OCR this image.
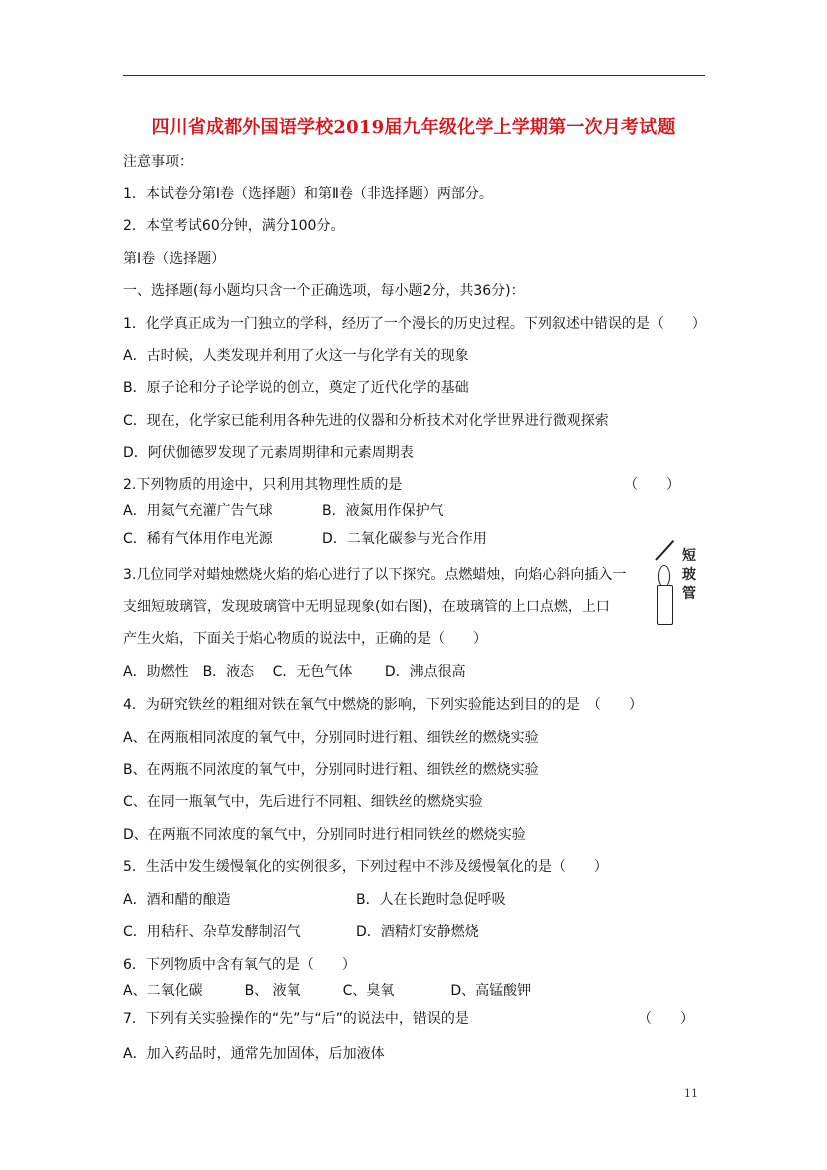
四川省成都外国语学校2019届九年级化学上学期第一次月考试题
注意事项：
1．本试卷分第Ⅰ卷（选择题）和第Ⅱ卷（非选择题）两部分。
2．本堂考试60分钟，满分100分。
第Ⅰ卷（选择题）
一、选择题(每小题均只含一个正确选项，每小题2分，共36分)：
1．化学真正成为一门独立的学科，经历了一个漫长的历史过程。下列叙述中错误的是（　　）
A．古时候，人类发现并利用了火这一与化学有关的现象
B．原子论和分子论学说的创立，奠定了近代化学的基础
C．现在，化学家已能利用各种先进的仪器和分析技术对化学世界进行微观探索
D．阿伏伽德罗发现了元素周期律和元素周期表
2.下列物质的用途中，只利用其物理性质的是	（　　）
A．用氦气充灌广告气球	B．液氮用作保护气
C．稀有气体用作电光源	D．二氧化碳参与光合作用
3.几位同学对蜡烛燃烧火焰的焰心进行了以下探究。点燃蜡烛，向焰心斜向插入一
支细短玻璃管，发现玻璃管中无明显现象(如右图)，在玻璃管的上口点燃，上口
产生火焰，下面关于焰心物质的说法中，正确的是（　　）
A．助燃性　B．液态　 C．无色气体　　 D．沸点很高
短玻管
4．为研究铁丝的粗细对铁在氧气中燃烧的影响，下列实验能达到目的的是　（　　）
A、在两瓶相同浓度的氧气中，分别同时进行粗、细铁丝的燃烧实验
B、在两瓶不同浓度的氧气中，分别同时进行粗、细铁丝的燃烧实验
C、在同一瓶氧气中，先后进行不同粗、细铁丝的燃烧实验
D、在两瓶不同浓度的氧气中，分别同时进行相同铁丝的燃烧实验
5．生活中发生缓慢氧化的实例很多，下列过程中不涉及缓慢氧化的是（　　）
A．酒和醋的酿造	B．人在长跑时急促呼吸
C．用秸秆、杂草发酵制沼气	D．酒精灯安静燃烧
6．下列物质中含有氧气的是（　　）
A、二氧化碳　　　B、 液氧　　　C、臭氧　　　　D、高锰酸钾
7．下列有关实验操作的“先”与“后”的说法中，错误的是	（　　）
A．加入药品时，通常先加固体，后加液体
11
